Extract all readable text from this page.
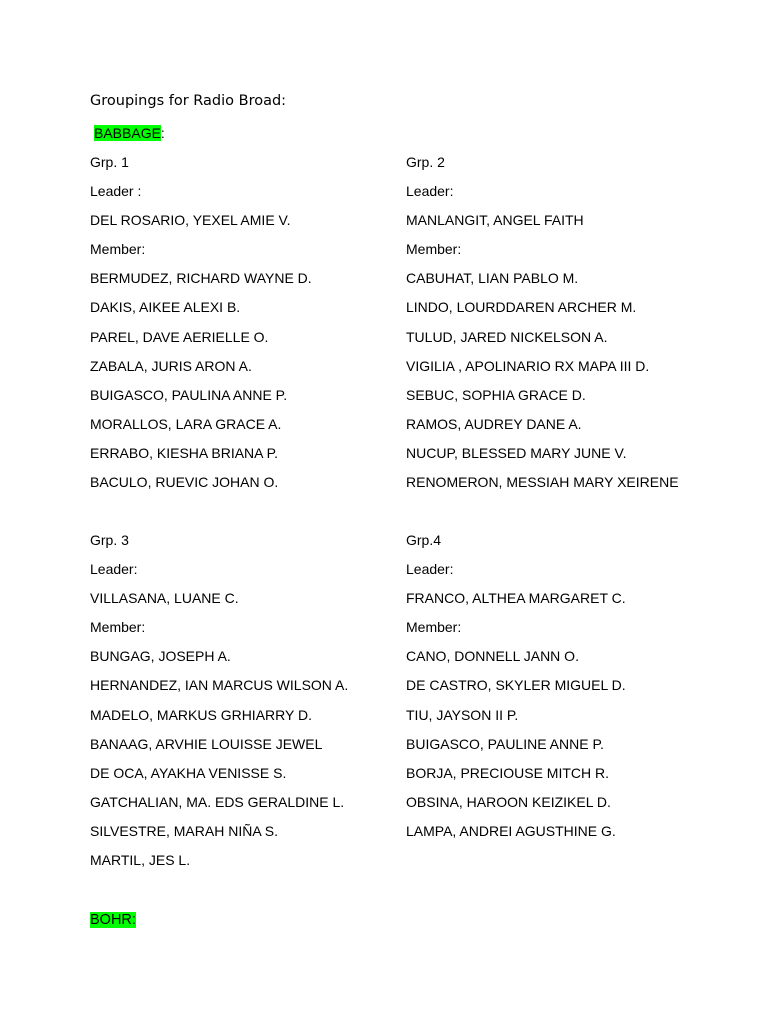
Groupings for Radio Broad:
BABBAGE:
Grp. 1
Leader :
DEL ROSARIO, YEXEL AMIE V.
Member:
BERMUDEZ, RICHARD WAYNE D.
DAKIS, AIKEE ALEXI B.
PAREL, DAVE AERIELLE O.
ZABALA, JURIS ARON A.
BUIGASCO, PAULINA ANNE P.
MORALLOS, LARA GRACE A.
ERRABO, KIESHA BRIANA P.
BACULO, RUEVIC JOHAN O.
Grp. 2
Leader:
MANLANGIT, ANGEL FAITH
Member:
CABUHAT, LIAN PABLO M.
LINDO, LOURDDAREN ARCHER M.
TULUD, JARED NICKELSON A.
VIGILIA , APOLINARIO RX MAPA III D.
SEBUC, SOPHIA GRACE D.
RAMOS, AUDREY DANE A.
NUCUP, BLESSED MARY JUNE V.
RENOMERON, MESSIAH MARY XEIRENE
Grp. 3
Leader:
VILLASANA, LUANE C.
Member:
BUNGAG, JOSEPH A.
HERNANDEZ, IAN MARCUS WILSON A.
MADELO, MARKUS GRHIARRY D.
BANAAG, ARVHIE LOUISSE JEWEL
DE OCA, AYAKHA VENISSE S.
GATCHALIAN, MA. EDS GERALDINE L.
SILVESTRE, MARAH NIÑA S.
MARTIL, JES L.
Grp.4
Leader:
FRANCO, ALTHEA MARGARET C.
Member:
CANO, DONNELL JANN O.
DE CASTRO, SKYLER MIGUEL D.
TIU, JAYSON II P.
BUIGASCO, PAULINE ANNE P.
BORJA, PRECIOUSE MITCH R.
OBSINA, HAROON KEIZIKEL D.
LAMPA, ANDREI AGUSTHINE G.
BOHR:
